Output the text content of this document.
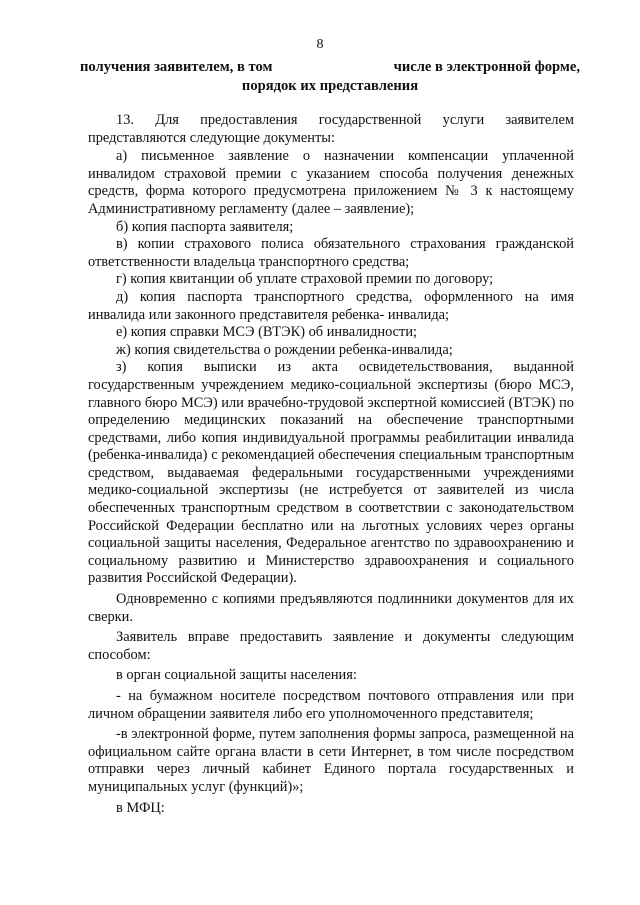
8
получения заявителем, в том	числе в электронной форме,
порядок их представления

13. Для предоставления государственной услуги заявителем представляются следующие документы:

а) письменное заявление о назначении компенсации уплаченной инвалидом страховой премии с указанием способа получения денежных средств, форма которого предусмотрена приложением № 3 к настоящему Административному регламенту (далее – заявление);

б) копия паспорта заявителя;

в) копии страхового полиса обязательного страхования гражданской ответственности владельца транспортного средства;

г) копия квитанции об уплате страховой премии по договору;

д) копия паспорта транспортного средства, оформленного на имя инвалида или законного представителя ребенка- инвалида;

е) копия справки МСЭ (ВТЭК) об инвалидности;

ж) копия свидетельства о рождении ребенка-инвалида;

з) копия выписки из акта освидетельствования, выданной государственным учреждением медико-социальной экспертизы (бюро МСЭ, главного бюро МСЭ) или врачебно-трудовой экспертной комиссией (ВТЭК) по определению медицинских показаний на обеспечение транспортными средствами, либо копия индивидуальной программы реабилитации инвалида (ребенка-инвалида) с рекомендацией обеспечения специальным транспортным средством, выдаваемая федеральными государственными учреждениями медико-социальной экспертизы (не истребуется от заявителей из числа обеспеченных транспортным средством в соответствии с законодательством Российской Федерации бесплатно или на льготных условиях через органы социальной защиты населения, Федеральное агентство по здравоохранению и социальному развитию и Министерство здравоохранения и социального развития Российской Федерации).

Одновременно с копиями предъявляются подлинники документов для их сверки.

Заявитель вправе предоставить заявление и документы следующим способом:

в орган социальной защиты населения:

- на бумажном носителе посредством почтового отправления или при личном обращении заявителя либо его уполномоченного представителя;

-в электронной форме, путем заполнения формы запроса, размещенной на официальном сайте органа власти в сети Интернет, в том числе посредством отправки через личный кабинет Единого портала государственных и муниципальных услуг (функций)»;

в МФЦ:
